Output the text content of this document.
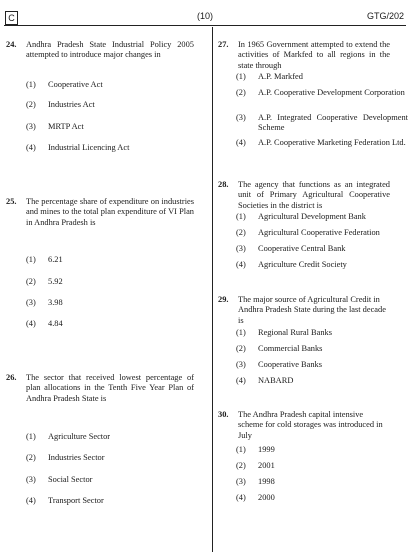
C	(10)	GTG/202
24. Andhra Pradesh State Industrial Policy 2005 attempted to introduce major changes in
(1) Cooperative Act
(2) Industries Act
(3) MRTP Act
(4) Industrial Licencing Act
25. The percentage share of expenditure on industries and mines to the total plan expenditure of VI Plan in Andhra Pradesh is
(1) 6.21
(2) 5.92
(3) 3.98
(4) 4.84
26. The sector that received lowest percentage of plan allocations in the Tenth Five Year Plan of Andhra Pradesh State is
(1) Agriculture Sector
(2) Industries Sector
(3) Social Sector
(4) Transport Sector
27. In 1965 Government attempted to extend the activities of Markfed to all regions in the state through
(1) A.P. Markfed
(2) A.P. Cooperative Development Corporation
(3) A.P. Integrated Cooperative Development Scheme
(4) A.P. Cooperative Marketing Federation Ltd.
28. The agency that functions as an integrated unit of Primary Agricultural Cooperative Societies in the district is
(1) Agricultural Development Bank
(2) Agricultural Cooperative Federation
(3) Cooperative Central Bank
(4) Agriculture Credit Society
29. The major source of Agricultural Credit in Andhra Pradesh State during the last decade is
(1) Regional Rural Banks
(2) Commercial Banks
(3) Cooperative Banks
(4) NABARD
30. The Andhra Pradesh capital intensive scheme for cold storages was introduced in July
(1) 1999
(2) 2001
(3) 1998
(4) 2000
